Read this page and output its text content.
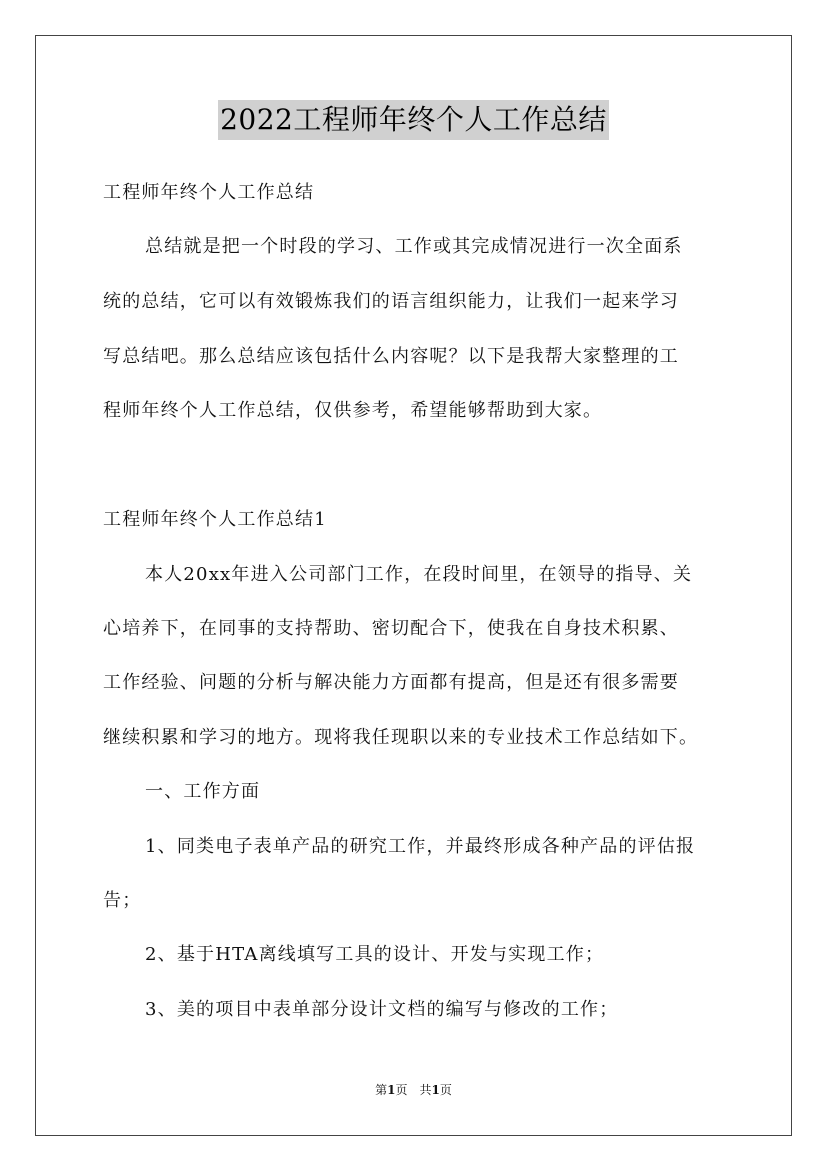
2022工程师年终个人工作总结
工程师年终个人工作总结
总结就是把一个时段的学习、工作或其完成情况进行一次全面系
统的总结，它可以有效锻炼我们的语言组织能力，让我们一起来学习
写总结吧。那么总结应该包括什么内容呢？以下是我帮大家整理的工
程师年终个人工作总结，仅供参考，希望能够帮助到大家。
工程师年终个人工作总结1
本人20xx年进入公司部门工作，在段时间里，在领导的指导、关
心培养下，在同事的支持帮助、密切配合下，使我在自身技术积累、
工作经验、问题的分析与解决能力方面都有提高，但是还有很多需要
继续积累和学习的地方。现将我任现职以来的专业技术工作总结如下。
一、工作方面
1、同类电子表单产品的研究工作，并最终形成各种产品的评估报
告；
2、基于HTA离线填写工具的设计、开发与实现工作；
3、美的项目中表单部分设计文档的编写与修改的工作；
第1页　共1页
